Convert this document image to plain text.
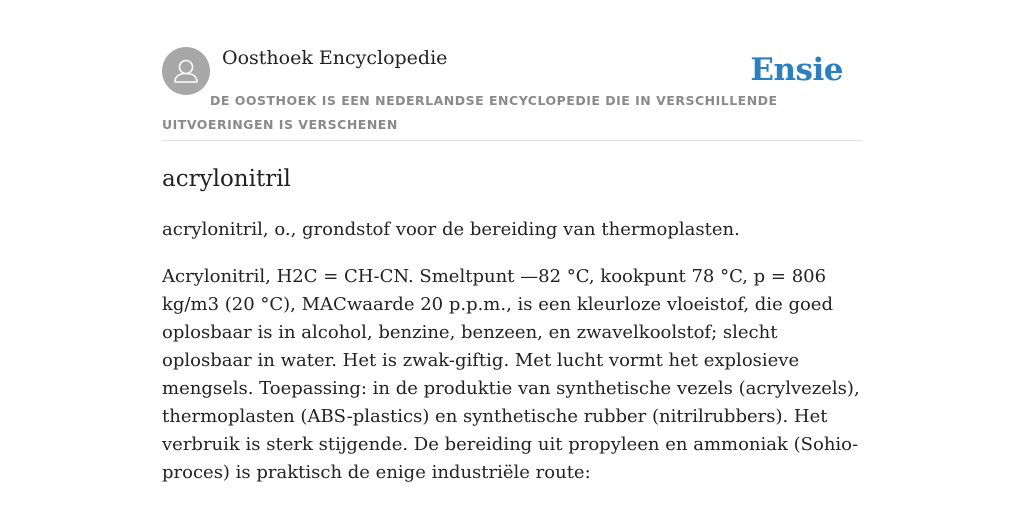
Oosthoek Encyclopedie	Ensie
DE OOSTHOEK IS EEN NEDERLANDSE ENCYCLOPEDIE DIE IN VERSCHILLENDE UITVOERINGEN IS VERSCHENEN
acrylonitril

acrylonitril, o., grondstof voor de bereiding van thermoplasten.

Acrylonitril, H2C = CH-CN. Smeltpunt —82 °C, kookpunt 78 °C, p = 806 kg/m3 (20 °C), MACwaarde 20 p.p.m., is een kleurloze vloeistof, die goed oplosbaar is in alcohol, benzine, benzeen, en zwavelkoolstof; slecht oplosbaar in water. Het is zwak-giftig. Met lucht vormt het explosieve mengsels. Toepassing: in de produktie van synthetische vezels (acrylvezels), thermoplasten (ABS-plastics) en synthetische rubber (nitrilrubbers). Het verbruik is sterk stijgende. De bereiding uit propyleen en ammoniak (Sohio-proces) is praktisch de enige industriële route:
